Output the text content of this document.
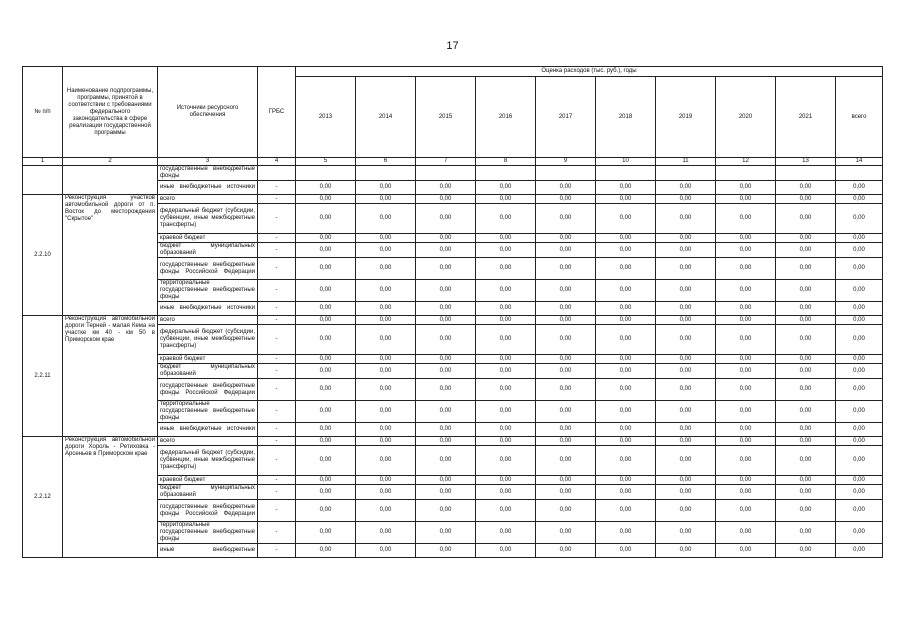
17
№ п/п	Наименование подпрограммы, программы, принятой в соответствии с требованиями федерального законодательства в сфере реализации государственной программы	Источники ресурсного обеспечения	ГРБС	Оценка расходов (тыс. руб.), годы									
				2013	2014	2015	2016	2017	2018	2019	2020	2021	всего
1	2	3	4	5	6	7	8	9	10	11	12	13	14
		государственные внебюджетные фонды											
		иные внебюджетные источники	-	0,00	0,00	0,00	0,00	0,00	0,00	0,00	0,00	0,00	0,00
2.2.10	Реконструкция участков автомобильной дороги от п. Восток до месторождения "Скрытое"	всего	-	0,00	0,00	0,00	0,00	0,00	0,00	0,00	0,00	0,00	0,00
		федеральный бюджет (субсидии, субвенции, иные межбюджетные трансферты)	-	0,00	0,00	0,00	0,00	0,00	0,00	0,00	0,00	0,00	0,00
		краевой бюджет	-	0,00	0,00	0,00	0,00	0,00	0,00	0,00	0,00	0,00	0,00
		бюджет муниципальных образований	-	0,00	0,00	0,00	0,00	0,00	0,00	0,00	0,00	0,00	0,00
		государственные внебюджетные фонды Российской Федерации	-	0,00	0,00	0,00	0,00	0,00	0,00	0,00	0,00	0,00	0,00
		территориальные государственные внебюджетные фонды	-	0,00	0,00	0,00	0,00	0,00	0,00	0,00	0,00	0,00	0,00
		иные внебюджетные источники	-	0,00	0,00	0,00	0,00	0,00	0,00	0,00	0,00	0,00	0,00
2.2.11	Реконструкция автомобильной дороги Терней - малая Кема на участке км 40 - км 50 в Приморском крае	всего	-	0,00	0,00	0,00	0,00	0,00	0,00	0,00	0,00	0,00	0,00
		федеральный бюджет (субсидии, субвенции, иные межбюджетные трансферты)	-	0,00	0,00	0,00	0,00	0,00	0,00	0,00	0,00	0,00	0,00
		краевой бюджет	-	0,00	0,00	0,00	0,00	0,00	0,00	0,00	0,00	0,00	0,00
		бюджет муниципальных образований	-	0,00	0,00	0,00	0,00	0,00	0,00	0,00	0,00	0,00	0,00
		государственные внебюджетные фонды Российской Федерации	-	0,00	0,00	0,00	0,00	0,00	0,00	0,00	0,00	0,00	0,00
		территориальные государственные внебюджетные фонды	-	0,00	0,00	0,00	0,00	0,00	0,00	0,00	0,00	0,00	0,00
		иные внебюджетные источники	-	0,00	0,00	0,00	0,00	0,00	0,00	0,00	0,00	0,00	0,00
2.2.12	Реконструкция автомобильной дороги Хороль - Ретиховка - Арсеньев в Приморском крае	всего	-	0,00	0,00	0,00	0,00	0,00	0,00	0,00	0,00	0,00	0,00
		федеральный бюджет (субсидии, субвенции, иные межбюджетные трансферты)	-	0,00	0,00	0,00	0,00	0,00	0,00	0,00	0,00	0,00	0,00
		краевой бюджет	-	0,00	0,00	0,00	0,00	0,00	0,00	0,00	0,00	0,00	0,00
		бюджет муниципальных образований	-	0,00	0,00	0,00	0,00	0,00	0,00	0,00	0,00	0,00	0,00
		государственные внебюджетные фонды Российской Федерации	-	0,00	0,00	0,00	0,00	0,00	0,00	0,00	0,00	0,00	0,00
		территориальные государственные внебюджетные фонды	-	0,00	0,00	0,00	0,00	0,00	0,00	0,00	0,00	0,00	0,00
		иные внебюджетные	-	0,00	0,00	0,00	0,00	0,00	0,00	0,00	0,00	0,00	0,00
